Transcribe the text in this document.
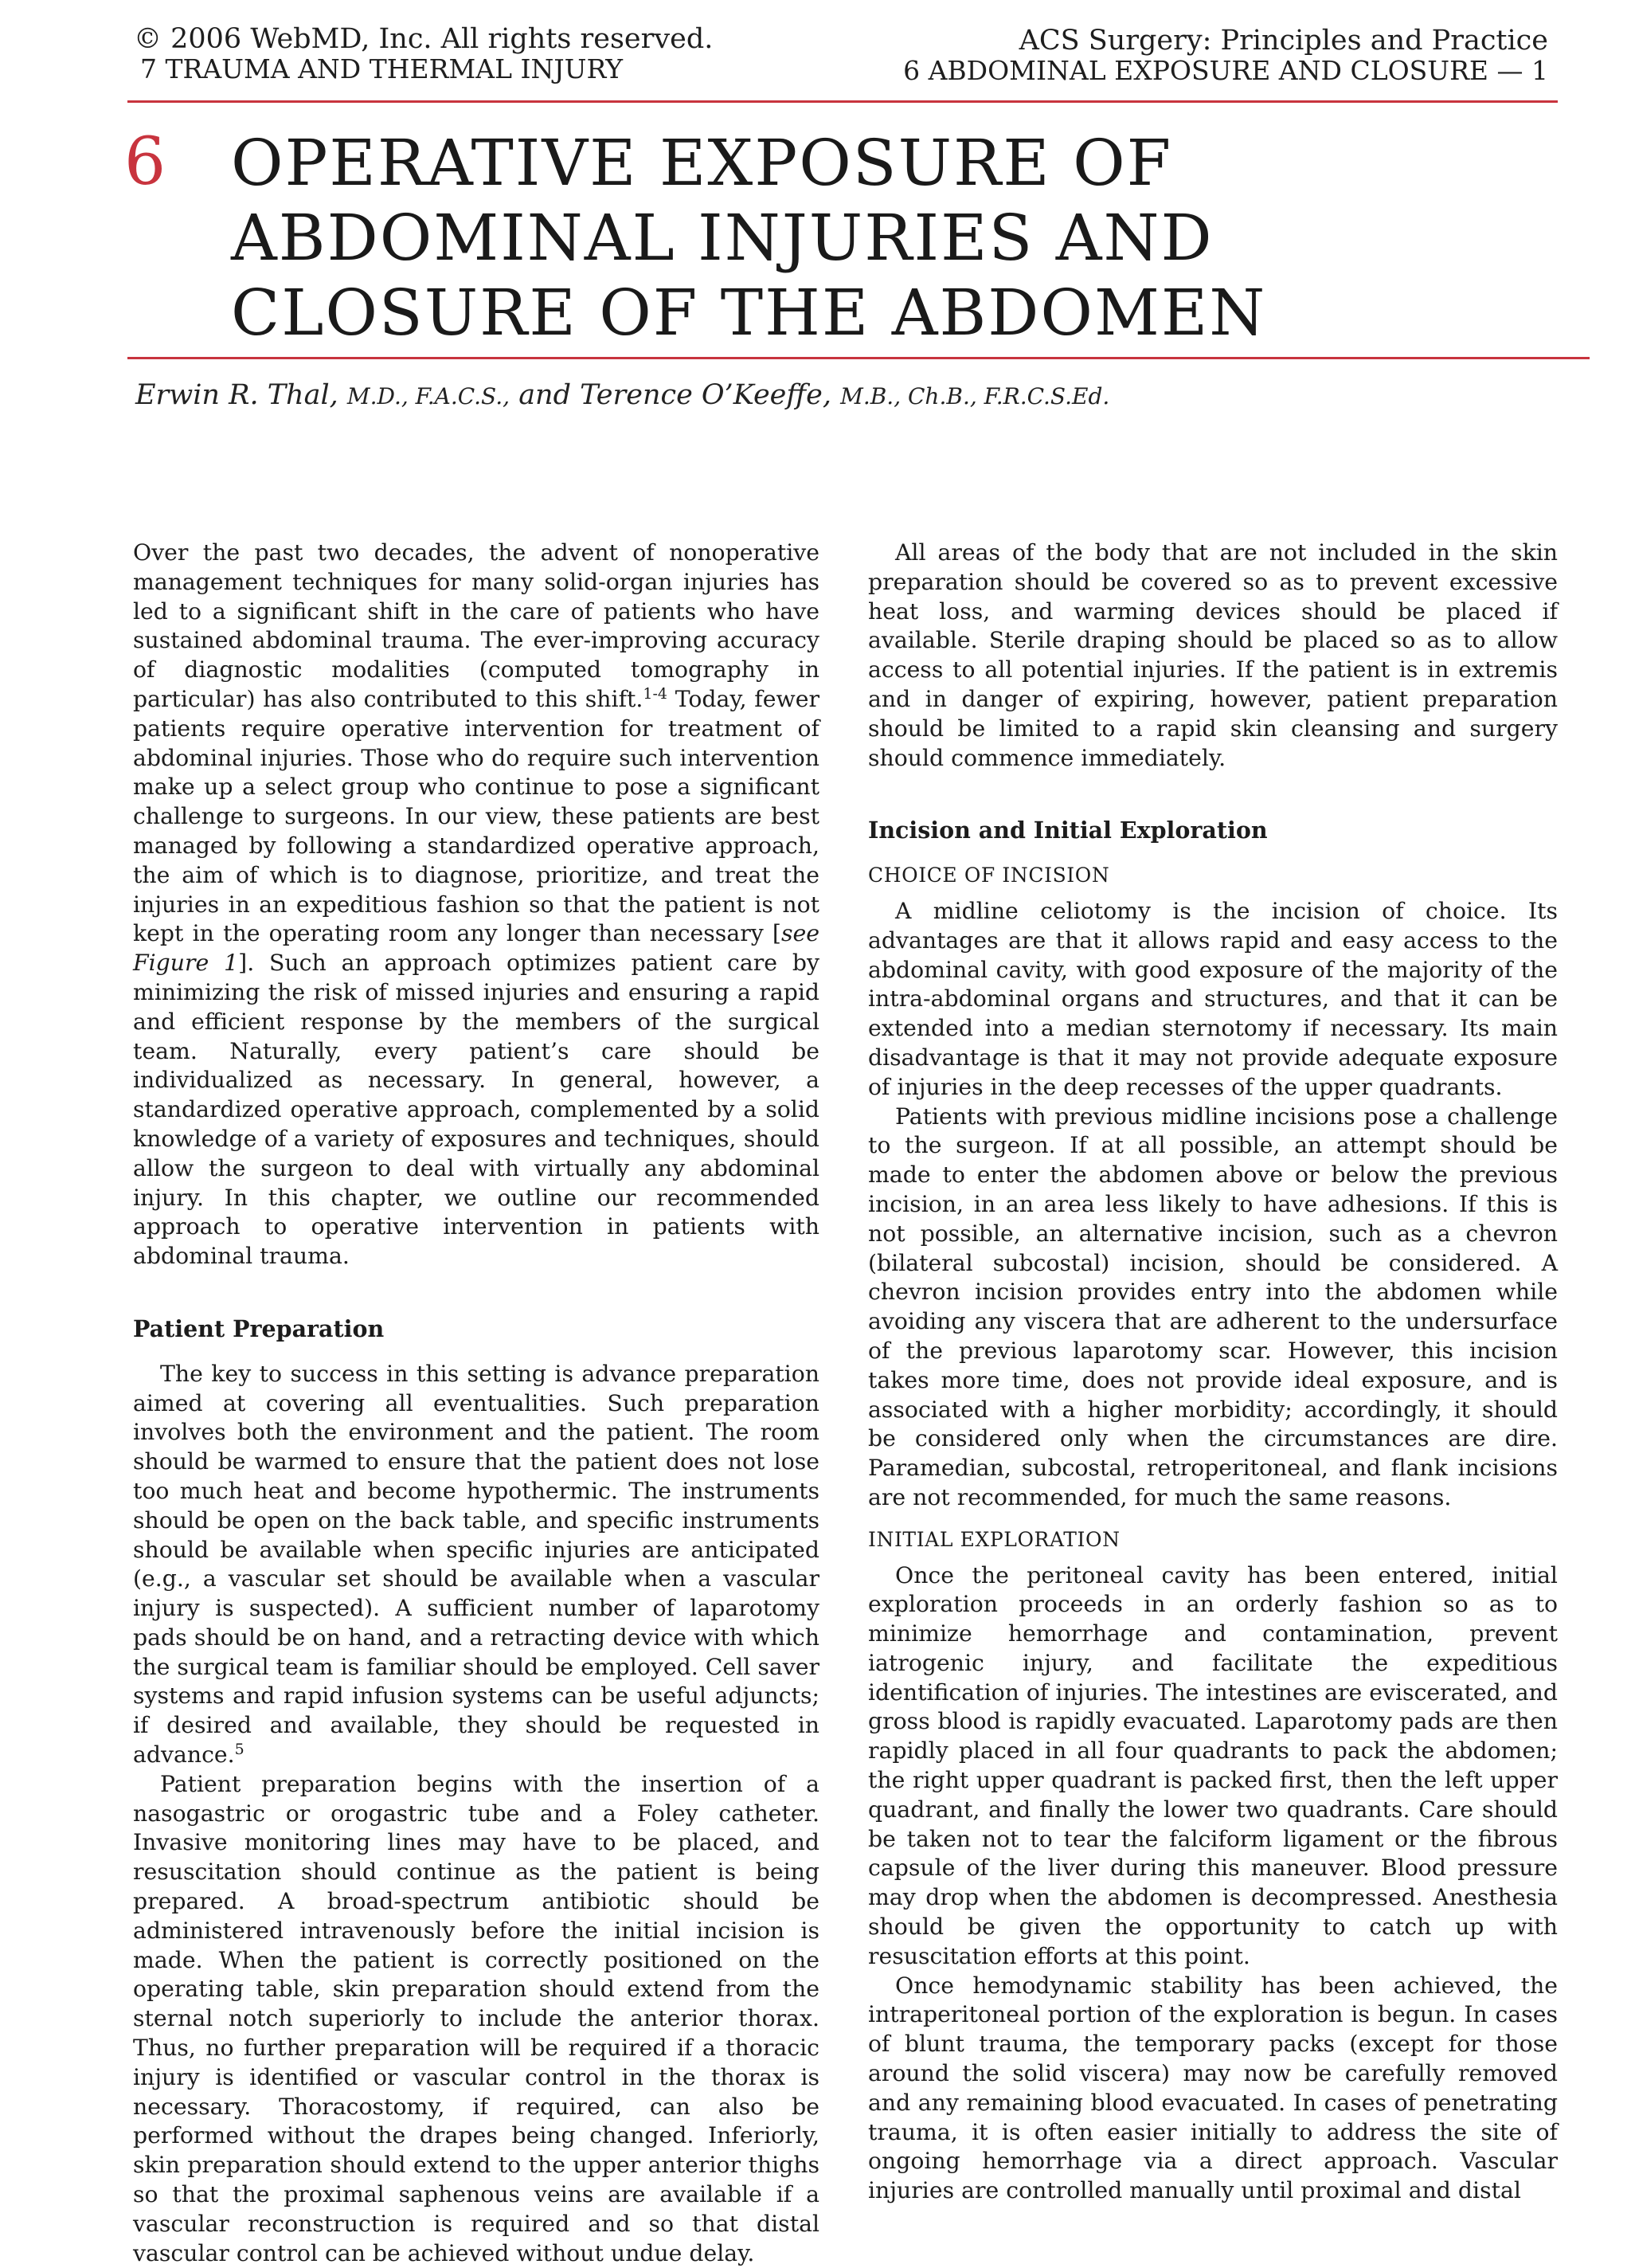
© 2006 WebMD, Inc. All rights reserved.
7 TRAUMA AND THERMAL INJURY
ACS Surgery: Principles and Practice
6 ABDOMINAL EXPOSURE AND CLOSURE — 1
6 OPERATIVE EXPOSURE OF
ABDOMINAL INJURIES AND
CLOSURE OF THE ABDOMEN
Erwin R. Thal, M.D., F.A.C.S., and Terence O’Keeffe, M.B., Ch.B., F.R.C.S.Ed.

Over the past two decades, the advent of nonoperative management techniques for many solid-organ injuries has led to a significant shift in the care of patients who have sustained abdominal trauma. The ever-improving accuracy of diagnostic modalities (computed tomography in particular) has also contributed to this shift.$^{1-4}$ Today, fewer patients require operative intervention for treatment of abdominal injuries. Those who do require such intervention make up a select group who continue to pose a significant challenge to surgeons. In our view, these patients are best managed by following a standardized operative approach, the aim of which is to diagnose, prioritize, and treat the injuries in an expeditious fashion so that the patient is not kept in the operating room any longer than necessary [see Figure 1]. Such an approach optimizes patient care by minimizing the risk of missed injuries and ensuring a rapid and efficient response by the members of the surgical team. Naturally, every patient’s care should be individualized as necessary. In general, however, a standardized operative approach, complemented by a solid knowledge of a variety of exposures and techniques, should allow the surgeon to deal with virtually any abdominal injury. In this chapter, we outline our recommended approach to operative intervention in patients with abdominal trauma.

Patient Preparation

The key to success in this setting is advance preparation aimed at covering all eventualities. Such preparation involves both the environment and the patient. The room should be warmed to ensure that the patient does not lose too much heat and become hypothermic. The instruments should be open on the back table, and specific instruments should be available when specific injuries are anticipated (e.g., a vascular set should be available when a vascular injury is suspected). A sufficient number of laparotomy pads should be on hand, and a retracting device with which the surgical team is familiar should be employed. Cell saver systems and rapid infusion systems can be useful adjuncts; if desired and available, they should be requested in advance.$^5$

Patient preparation begins with the insertion of a nasogastric or orogastric tube and a Foley catheter. Invasive monitoring lines may have to be placed, and resuscitation should continue as the patient is being prepared. A broad-spectrum antibiotic should be administered intravenously before the initial incision is made. When the patient is correctly positioned on the operating table, skin preparation should extend from the sternal notch superiorly to include the anterior thorax. Thus, no further preparation will be required if a thoracic injury is identified or vascular control in the thorax is necessary. Thoracostomy, if required, can also be performed without the drapes being changed. Inferiorly, skin preparation should extend to the upper anterior thighs so that the proximal saphenous veins are available if a vascular reconstruction is required and so that distal vascular control can be achieved without undue delay.

All areas of the body that are not included in the skin preparation should be covered so as to prevent excessive heat loss, and warming devices should be placed if available. Sterile draping should be placed so as to allow access to all potential injuries. If the patient is in extremis and in danger of expiring, however, patient preparation should be limited to a rapid skin cleansing and surgery should commence immediately.

Incision and Initial Exploration

CHOICE OF INCISION

A midline celiotomy is the incision of choice. Its advantages are that it allows rapid and easy access to the abdominal cavity, with good exposure of the majority of the intra-abdominal organs and structures, and that it can be extended into a median sternotomy if necessary. Its main disadvantage is that it may not provide adequate exposure of injuries in the deep recesses of the upper quadrants.

Patients with previous midline incisions pose a challenge to the surgeon. If at all possible, an attempt should be made to enter the abdomen above or below the previous incision, in an area less likely to have adhesions. If this is not possible, an alternative incision, such as a chevron (bilateral subcostal) incision, should be considered. A chevron incision provides entry into the abdomen while avoiding any viscera that are adherent to the undersurface of the previous laparotomy scar. However, this incision takes more time, does not provide ideal exposure, and is associated with a higher morbidity; accordingly, it should be considered only when the circumstances are dire. Paramedian, subcostal, retroperitoneal, and flank incisions are not recommended, for much the same reasons.

INITIAL EXPLORATION

Once the peritoneal cavity has been entered, initial exploration proceeds in an orderly fashion so as to minimize hemorrhage and contamination, prevent iatrogenic injury, and facilitate the expeditious identification of injuries. The intestines are eviscerated, and gross blood is rapidly evacuated. Laparotomy pads are then rapidly placed in all four quadrants to pack the abdomen; the right upper quadrant is packed first, then the left upper quadrant, and finally the lower two quadrants. Care should be taken not to tear the falciform ligament or the fibrous capsule of the liver during this maneuver. Blood pressure may drop when the abdomen is decompressed. Anesthesia should be given the opportunity to catch up with resuscitation efforts at this point.

Once hemodynamic stability has been achieved, the intraperitoneal portion of the exploration is begun. In cases of blunt trauma, the temporary packs (except for those around the solid viscera) may now be carefully removed and any remaining blood evacuated. In cases of penetrating trauma, it is often easier initially to address the site of ongoing hemorrhage via a direct approach. Vascular injuries are controlled manually until proximal and distal
